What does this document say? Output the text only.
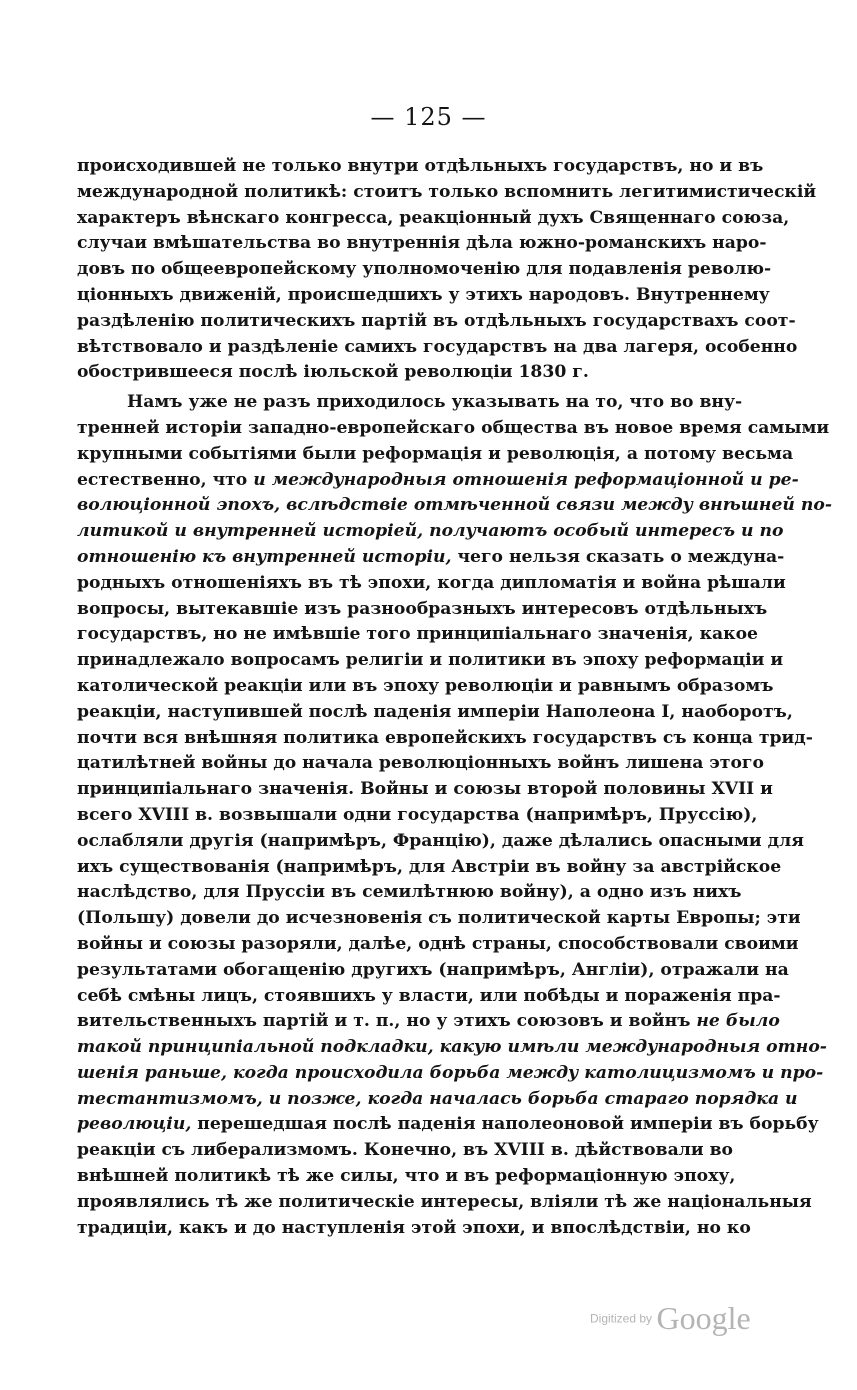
— 125 —
происходившей не только внутри отдѣльныхъ государствъ, но и въ
международной политикѣ: стоитъ только вспомнить легитимистическій
характеръ вѣнскаго конгресса, реакціонный духъ Священнаго союза,
случаи вмѣшательства во внутреннія дѣла южно-романскихъ наро-
довъ по общеевропейскому уполномоченію для подавленія револю-
ціонныхъ движеній, происшедшихъ у этихъ народовъ. Внутреннему
раздѣленію политическихъ партій въ отдѣльныхъ государствахъ соот-
вѣтствовало и раздѣленіе самихъ государствъ на два лагеря, особенно
обострившееся послѣ іюльской революціи 1830 г.
Намъ уже не разъ приходилось указывать на то, что во вну-
тренней исторіи западно-европейскаго общества въ новое время самыми
крупными событіями были реформація и революція, а потому весьма
естественно, что и международныя отношенія реформаціонной и ре-
волюціонной эпохъ, вслѣдствіе отмѣченной связи между внѣшней по-
литикой и внутренней исторіей, получаютъ особый интересъ и по
отношенію къ внутренней исторіи, чего нельзя сказать о междуна-
родныхъ отношеніяхъ въ тѣ эпохи, когда дипломатія и война рѣшали
вопросы, вытекавшіе изъ разнообразныхъ интересовъ отдѣльныхъ
государствъ, но не имѣвшіе того принципіальнаго значенія, какое
принадлежало вопросамъ религіи и политики въ эпоху реформаціи и
католической реакціи или въ эпоху революціи и равнымъ образомъ
реакціи, наступившей послѣ паденія имперіи Наполеона I, наоборотъ,
почти вся внѣшняя политика европейскихъ государствъ съ конца трид-
цатилѣтней войны до начала революціонныхъ войнъ лишена этого
принципіальнаго значенія. Войны и союзы второй половины XVII и
всего XVIII в. возвышали одни государства (напримѣръ, Пруссію),
ослабляли другія (напримѣръ, Францію), даже дѣлались опасными для
ихъ существованія (напримѣръ, для Австріи въ войну за австрійское
наслѣдство, для Пруссіи въ семилѣтнюю войну), а одно изъ нихъ
(Польшу) довели до исчезновенія съ политической карты Европы; эти
войны и союзы разоряли, далѣе, однѣ страны, способствовали своими
результатами обогащенію другихъ (напримѣръ, Англіи), отражали на
себѣ смѣны лицъ, стоявшихъ у власти, или побѣды и пораженія пра-
вительственныхъ партій и т. п., но у этихъ союзовъ и войнъ не было
такой принципіальной подкладки, какую имѣли международныя отно-
шенія раньше, когда происходила борьба между католицизмомъ и про-
тестантизмомъ, и позже, когда началась борьба стараго порядка и
революціи, перешедшая послѣ паденія наполеоновой имперіи въ борьбу
реакціи съ либерализмомъ. Конечно, въ XVIII в. дѣйствовали во
внѣшней политикѣ тѣ же силы, что и въ реформаціонную эпоху,
проявлялись тѣ же политическіе интересы, вліяли тѣ же національныя
традиціи, какъ и до наступленія этой эпохи, и впослѣдствіи, но ко
Digitized by Google
